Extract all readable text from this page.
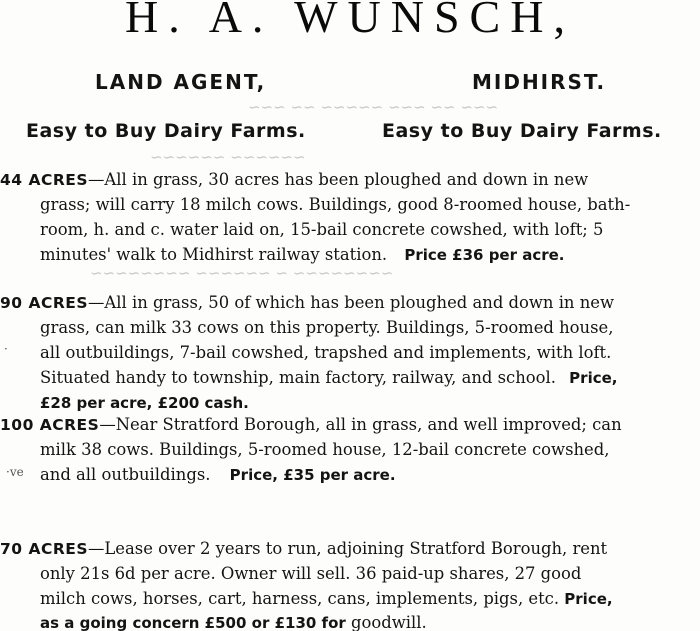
H. A. WUNSCH,
LAND AGENT,	MIDHIRST.
~~~ ~~ ~~~ ~~~~~ ~~ ~~~
~~~~~~ ~~~~~~
~~~~~~~~ ~ ~~~~~~ ~~~~~~~~
Easy to Buy Dairy Farms.	Easy to Buy Dairy Farms.
44 ACRES—All in grass, 30 acres has been ploughed and down in new
grass; will carry 18 milch cows. Buildings, good 8-roomed house, bath-
room, h. and c. water laid on, 15-bail concrete cowshed, with loft; 5
minutes' walk to Midhirst railway station. Price £36 per acre.
90 ACRES—All in grass, 50 of which has been ploughed and down in new
grass, can milk 33 cows on this property. Buildings, 5-roomed house,
all outbuildings, 7-bail cowshed, trapshed and implements, with loft.
Situated handy to township, main factory, railway, and school. Price,
£28 per acre, £200 cash.
100 ACRES—Near Stratford Borough, all in grass, and well improved; can
milk 38 cows. Buildings, 5-roomed house, 12-bail concrete cowshed,
and all outbuildings. Price, £35 per acre.
70 ACRES—Lease over 2 years to run, adjoining Stratford Borough, rent
only 21s 6d per acre. Owner will sell. 36 paid-up shares, 27 good
milch cows, horses, cart, harness, cans, implements, pigs, etc. Price,
as a going concern £500 or £130 for goodwill.
·ve
·
